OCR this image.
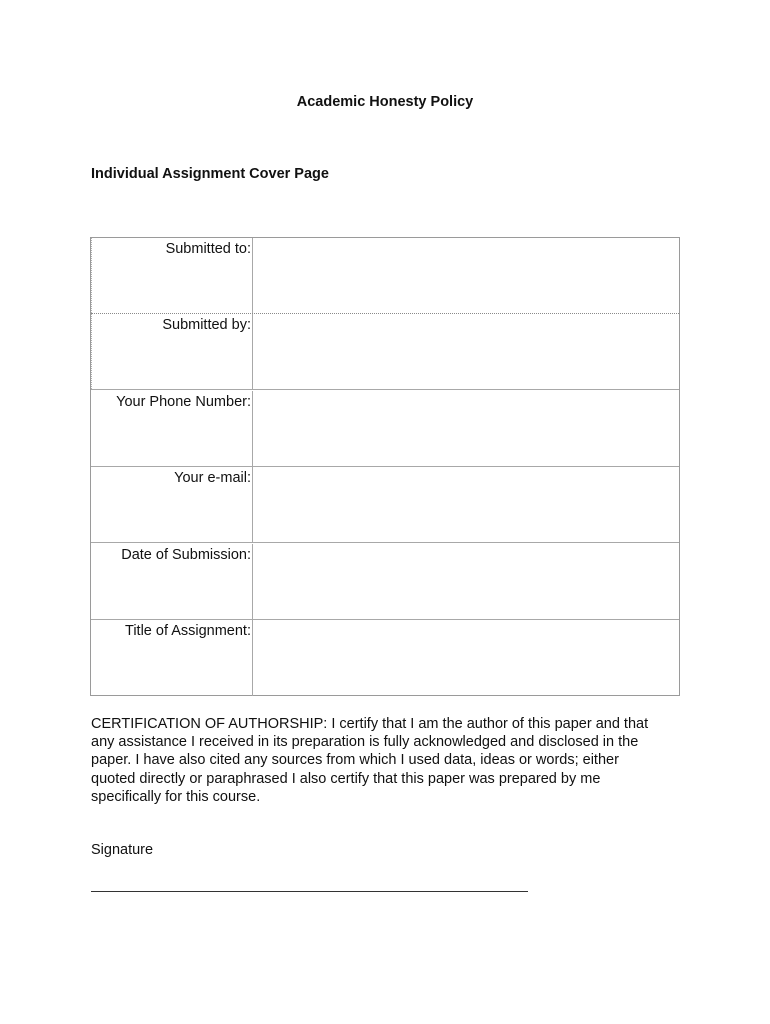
Academic Honesty Policy
Individual Assignment Cover Page
Submitted to:
Submitted by:
Your Phone Number:
Your e-mail:
Date of Submission:
Title of Assignment:
CERTIFICATION OF AUTHORSHIP: I certify that I am the author of this paper and that
any assistance I received in its preparation is fully acknowledged and disclosed in the
paper. I have also cited any sources from which I used data, ideas or words; either
quoted directly or paraphrased I also certify that this paper was prepared by me
specifically for this course.
Signature
